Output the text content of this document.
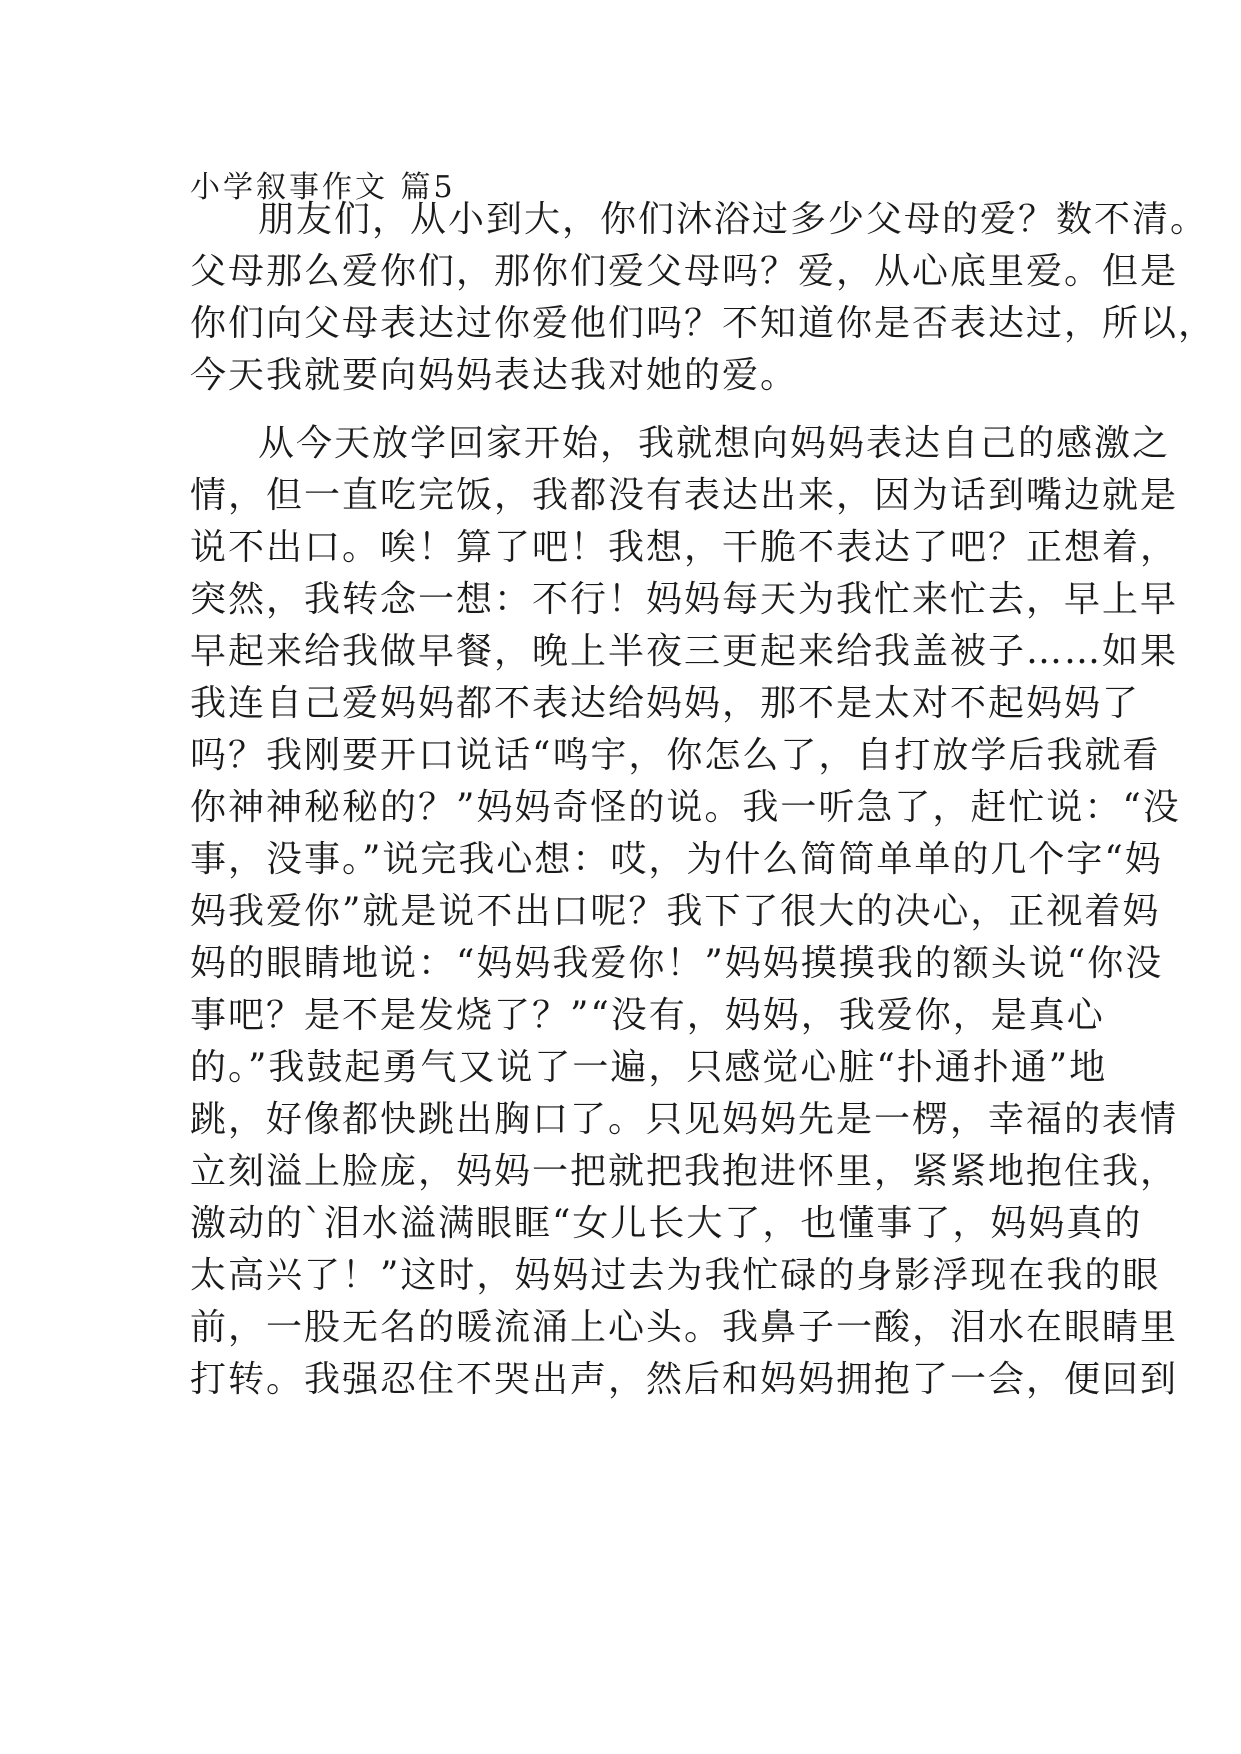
小学叙事作文 篇5
朋友们，从小到大，你们沐浴过多少父母的爱？数不清。
父母那么爱你们，那你们爱父母吗？爱，从心底里爱。但是
你们向父母表达过你爱他们吗？不知道你是否表达过，所以，
今天我就要向妈妈表达我对她的爱。
从今天放学回家开始，我就想向妈妈表达自己的感激之
情，但一直吃完饭，我都没有表达出来，因为话到嘴边就是
说不出口。唉！算了吧！我想，干脆不表达了吧？正想着，
突然，我转念一想：不行！妈妈每天为我忙来忙去，早上早
早起来给我做早餐，晚上半夜三更起来给我盖被子……如果
我连自己爱妈妈都不表达给妈妈，那不是太对不起妈妈了
吗？我刚要开口说话“鸣宇，你怎么了，自打放学后我就看
你神神秘秘的？”妈妈奇怪的说。我一听急了，赶忙说：“没
事，没事。”说完我心想：哎，为什么简简单单的几个字“妈
妈我爱你”就是说不出口呢？我下了很大的决心，正视着妈
妈的眼睛地说：“妈妈我爱你！”妈妈摸摸我的额头说“你没
事吧？是不是发烧了？”“没有，妈妈，我爱你，是真心
的。”我鼓起勇气又说了一遍，只感觉心脏“扑通扑通”地
跳，好像都快跳出胸口了。只见妈妈先是一楞，幸福的表情
立刻溢上脸庞，妈妈一把就把我抱进怀里，紧紧地抱住我，
激动的`泪水溢满眼眶“女儿长大了，也懂事了，妈妈真的
太高兴了！”这时，妈妈过去为我忙碌的身影浮现在我的眼
前，一股无名的暖流涌上心头。我鼻子一酸，泪水在眼睛里
打转。我强忍住不哭出声，然后和妈妈拥抱了一会，便回到
